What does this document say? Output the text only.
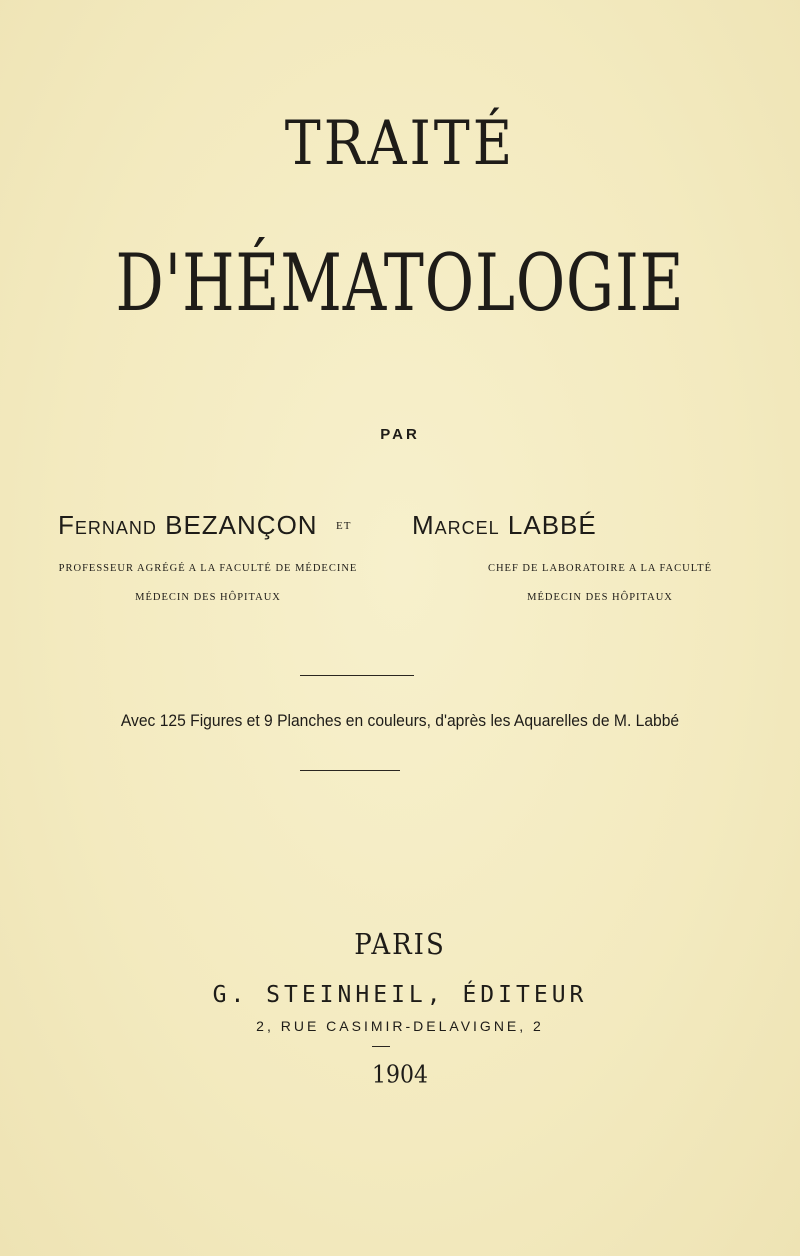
TRAITÉ
D'HÉMATOLOGIE
PAR
Fernand BEZANÇON	ET Marcel LABBÉ
PROFESSEUR AGRÉGÉ A LA FACULTÉ DE MÉDECINE
MÉDECIN DES HÔPITAUX
CHEF DE LABORATOIRE A LA FACULTÉ
MÉDECIN DES HÔPITAUX
Avec 125 Figures et 9 Planches en couleurs, d'après les Aquarelles de M. Labbé
PARIS
G. STEINHEIL, ÉDITEUR
2, RUE CASIMIR-DELAVIGNE, 2
1904
